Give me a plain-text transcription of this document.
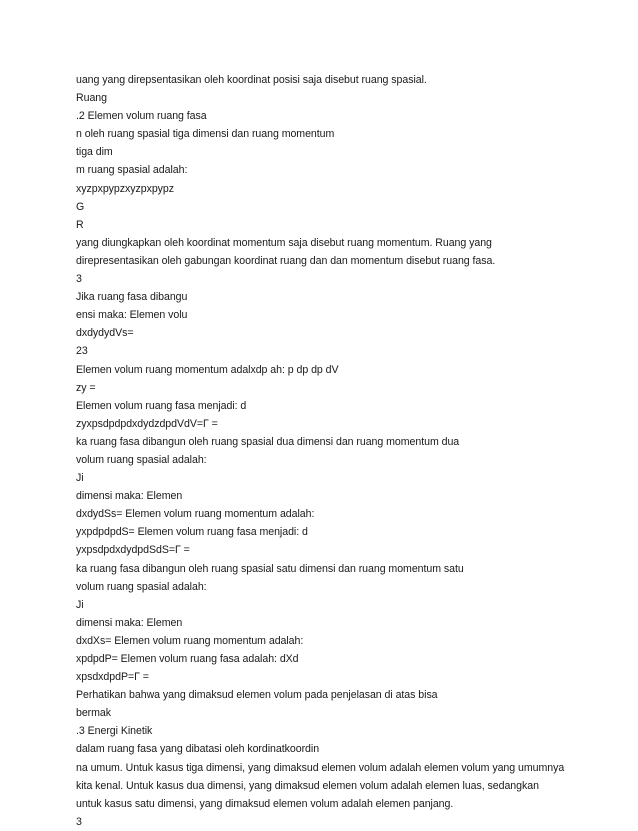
uang yang direpsentasikan oleh koordinat posisi saja disebut ruang spasial.
Ruang
.2 Elemen volum ruang fasa
n oleh ruang spasial tiga dimensi dan ruang momentum
tiga dim
m ruang spasial adalah:
xyzpxpypzxyzpxpypz
G
R
yang diungkapkan oleh koordinat momentum saja disebut ruang momentum. Ruang yang
direpresentasikan oleh gabungan koordinat ruang dan dan momentum disebut ruang fasa.
3
Jika ruang fasa dibangu
ensi maka: Elemen volu
dxdydydVs=
23
Elemen volum ruang momentum adalxdp ah: p dp dp dV
zy =
Elemen volum ruang fasa menjadi: d
zyxpsdpdpdxdydzdpdVdV=Γ =
ka ruang fasa dibangun oleh ruang spasial dua dimensi dan ruang momentum dua
volum ruang spasial adalah:
Ji
dimensi maka: Elemen
dxdydSs= Elemen volum ruang momentum adalah:
yxpdpdpdS= Elemen volum ruang fasa menjadi: d
yxpsdpdxdydpdSdS=Γ =
ka ruang fasa dibangun oleh ruang spasial satu dimensi dan ruang momentum satu
volum ruang spasial adalah:
Ji
dimensi maka: Elemen
dxdXs= Elemen volum ruang momentum adalah:
xpdpdP= Elemen volum ruang fasa adalah: dXd
xpsdxdpdP=Γ =
Perhatikan bahwa yang dimaksud elemen volum pada penjelasan di atas bisa
bermak
.3 Energi Kinetik
dalam ruang fasa yang dibatasi oleh kordinatkoordin
na umum. Untuk kasus tiga dimensi, yang dimaksud elemen volum adalah elemen volum yang umumnya
kita kenal. Untuk kasus dua dimensi, yang dimaksud elemen volum adalah elemen luas, sedangkan
untuk kasus satu dimensi, yang dimaksud elemen volum adalah elemen panjang.
3
